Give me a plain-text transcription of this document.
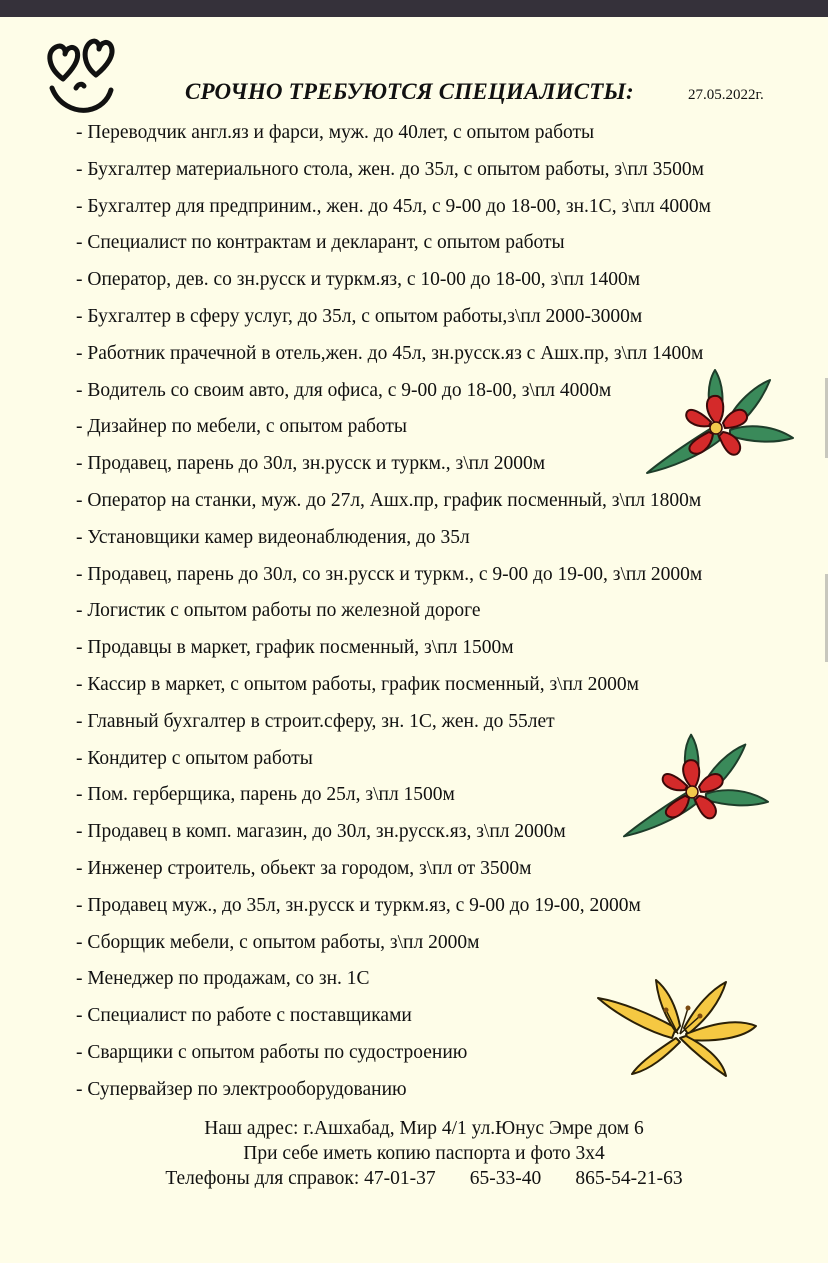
СРОЧНО ТРЕБУЮТСЯ СПЕЦИАЛИСТЫ:	27.05.2022г.
- Переводчик англ.яз и фарси, муж. до 40лет, с опытом работы
- Бухгалтер материального стола, жен. до 35л, с опытом работы, з\пл 3500м
- Бухгалтер для предприним., жен. до 45л, с 9-00 до 18-00, зн.1С, з\пл 4000м
- Специалист по контрактам и декларант, с опытом работы
- Оператор, дев. со зн.русск и туркм.яз, с 10-00 до 18-00, з\пл 1400м
- Бухгалтер в сферу услуг, до 35л, с опытом работы,з\пл 2000-3000м
- Работник прачечной в отель,жен. до 45л, зн.русск.яз с Ашх.пр, з\пл 1400м
- Водитель со своим авто, для офиса, с 9-00 до 18-00, з\пл 4000м
- Дизайнер по мебели, с опытом работы
- Продавец, парень до 30л, зн.русск и туркм., з\пл 2000м
- Оператор на станки, муж. до 27л, Ашх.пр, график посменный, з\пл 1800м
- Установщики камер видеонаблюдения, до 35л
- Продавец, парень до 30л, со зн.русск и туркм., с 9-00 до 19-00, з\пл 2000м
- Логистик с опытом работы по железной дороге
- Продавцы в маркет, график посменный, з\пл 1500м
- Кассир в маркет, с опытом работы, график посменный, з\пл 2000м
- Главный бухгалтер в строит.сферу, зн. 1С, жен. до 55лет
- Кондитер с опытом работы
- Пом. герберщика, парень до 25л, з\пл 1500м
- Продавец в комп. магазин, до 30л, зн.русск.яз, з\пл 2000м
- Инженер строитель, обьект за городом, з\пл от 3500м
- Продавец муж., до 35л, зн.русск и туркм.яз, с 9-00 до 19-00, 2000м
- Сборщик мебели, с опытом работы, з\пл 2000м
- Менеджер по продажам, со зн. 1С
- Специалист по работе с поставщиками
- Сварщики с опытом работы по судостроению
- Супервайзер по электрооборудованию
Наш адрес: г.Ашхабад, Мир 4/1 ул.Юнус Эмре дом 6
При себе иметь копию паспорта и фото 3х4
Телефоны для справок: 47-01-37       65-33-40       865-54-21-63
